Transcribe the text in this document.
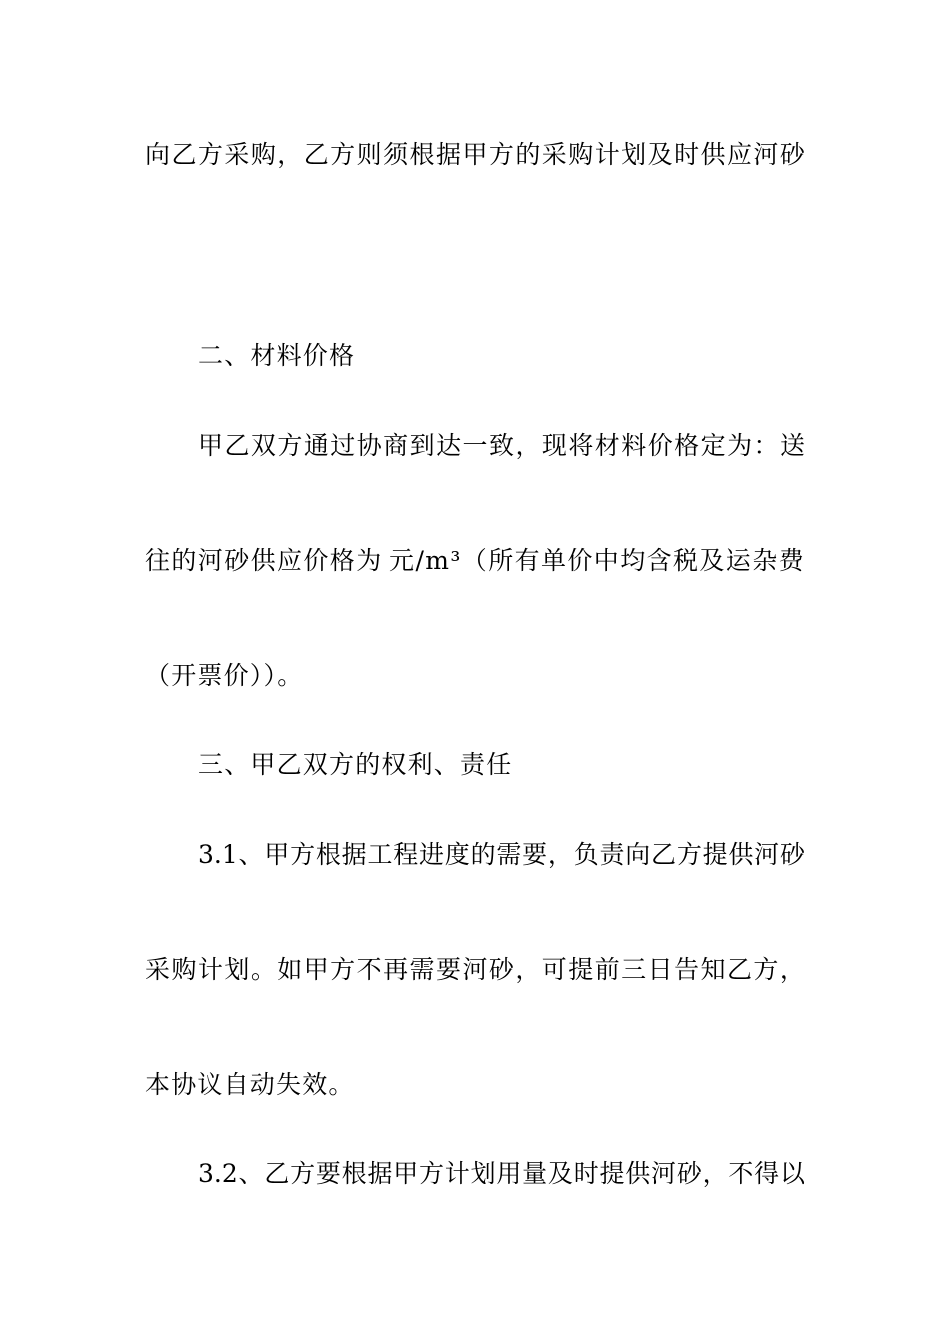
向 乙 方 采 购 ， 乙 方 则 须 根 据 甲 方 的 采 购 计 划 及 时 供 应 河 砂
二、材料价格
甲 乙 双 方 通 过 协 商 到 达 一 致 ， 现 将 材 料 价 格 定 为 ： 送
往的河砂供应价格为 元/m³（所有单价中均含税及运杂费
（开票价））。
三、甲乙双方的权利、责任
3.1 、 甲 方 根 据 工 程 进 度 的 需 要 ， 负 责 向 乙 方 提 供 河 砂
采 购 计 划 。 如 甲 方 不 再 需 要 河 砂 ， 可 提 前 三 日 告 知 乙 方 ，
本协议自动失效。
3.2 、 乙 方 要 根 据 甲 方 计 划 用 量 及 时 提 供 河 砂 ， 不 得 以
